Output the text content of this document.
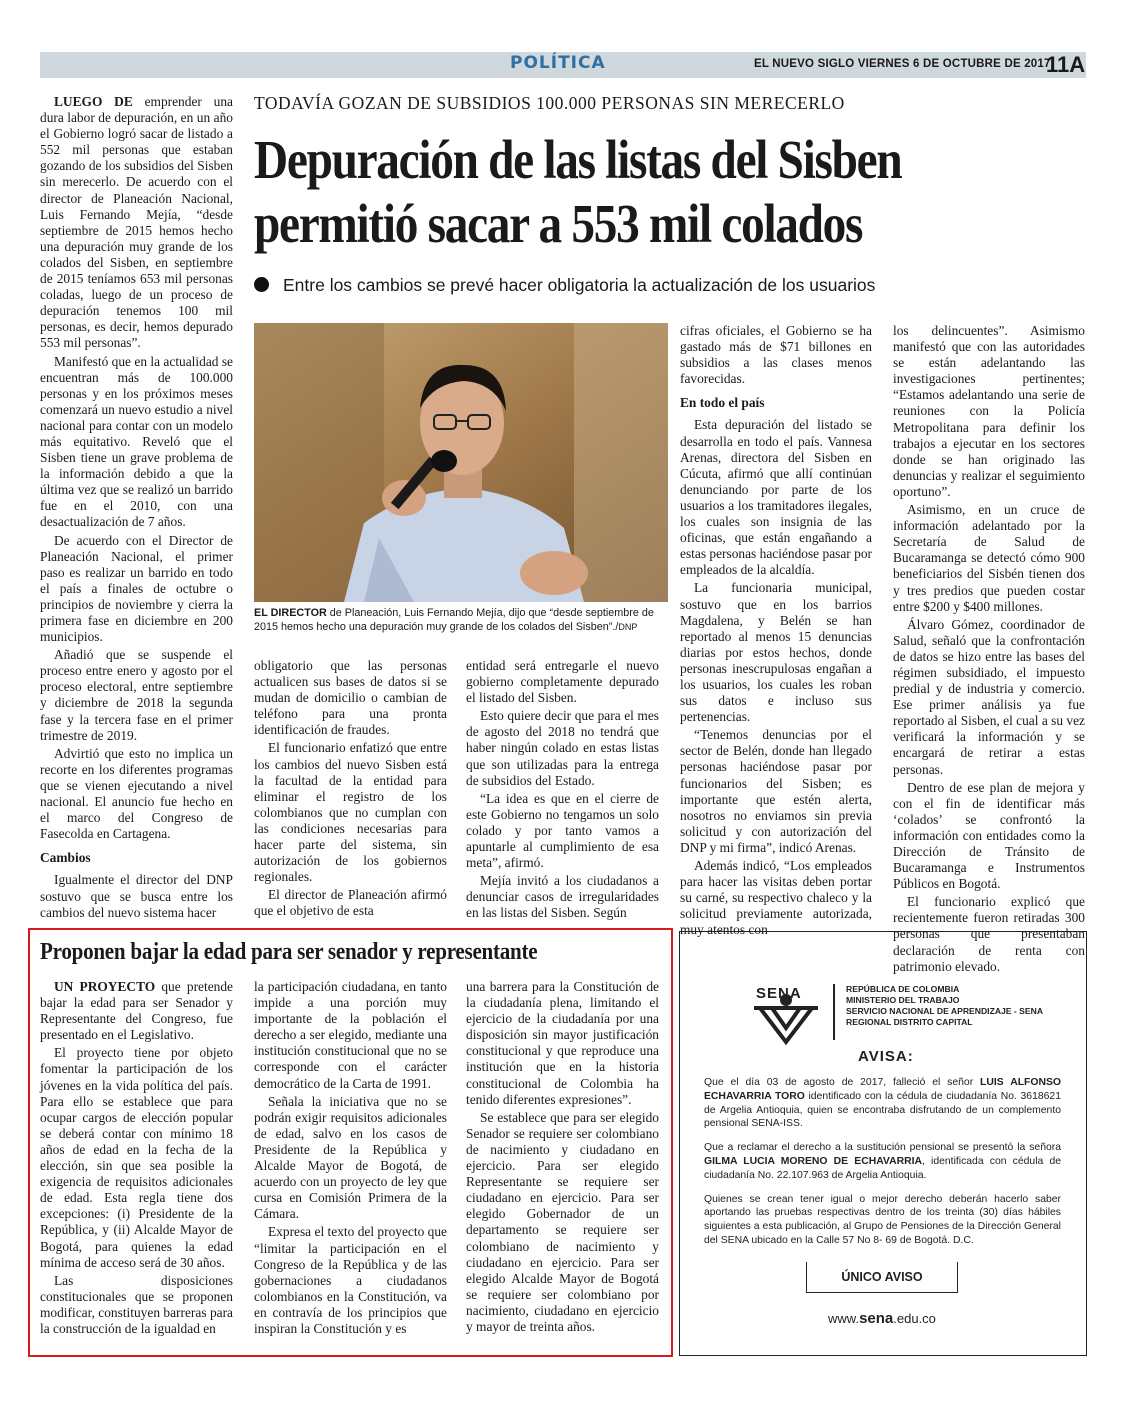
POLÍTICA	EL NUEVO SIGLO VIERNES 6 DE OCTUBRE DE 2017
11A
TODAVÍA GOZAN DE SUBSIDIOS 100.000 PERSONAS SIN MERECERLO
Depuración de las listas del Sisben
permitió sacar a 553 mil colados
Entre los cambios se prevé hacer obligatoria la actualización de los usuarios

LUEGO DE emprender una dura labor de depuración, en un año el Gobierno logró sacar de listado a 552 mil personas que estaban gozando de los subsidios del Sisben sin merecerlo. De acuerdo con el director de Planeación Nacional, Luis Fernando Mejía, “desde septiembre de 2015 hemos hecho una depuración muy grande de los colados del Sisben, en septiembre de 2015 teníamos 653 mil personas coladas, luego de un proceso de depuración tenemos 100 mil personas, es decir, hemos depurado 553 mil personas”.

Manifestó que en la actualidad se encuentran más de 100.000 personas y en los próximos meses comenzará un nuevo estudio a nivel nacional para contar con un modelo más equitativo. Reveló que el Sisben tiene un grave problema de la información debido a que la última vez que se realizó un barrido fue en el 2010, con una desactualización de 7 años.

De acuerdo con el Director de Planeación Nacional, el primer paso es realizar un barrido en todo el país a finales de octubre o principios de noviembre y cierra la primera fase en diciembre en 200 municipios.

Añadió que se suspende el proceso entre enero y agosto por el proceso electoral, entre septiembre y diciembre de 2018 la segunda fase y la tercera fase en el primer trimestre de 2019.

Advirtió que esto no implica un recorte en los diferentes programas que se vienen ejecutando a nivel nacional. El anuncio fue hecho en el marco del Congreso de Fasecolda en Cartagena.

Cambios

Igualmente el director del DNP sostuvo que se busca entre los cambios del nuevo sistema hacer

EL DIRECTOR de Planeación, Luis Fernando Mejía, dijo que “desde septiembre de 2015 hemos hecho una depuración muy grande de los colados del Sisben”./DNP

obligatorio que las personas actualicen sus bases de datos si se mudan de domicilio o cambian de teléfono para una pronta identificación de fraudes.

El funcionario enfatizó que entre los cambios del nuevo Sisben está la facultad de la entidad para eliminar el registro de los colombianos que no cumplan con las condiciones necesarias para hacer parte del sistema, sin autorización de los gobiernos regionales.

El director de Planeación afirmó que el objetivo de esta

entidad será entregarle el nuevo gobierno completamente depurado el listado del Sisben.

Esto quiere decir que para el mes de agosto del 2018 no tendrá que haber ningún colado en estas listas que son utilizadas para la entrega de subsidios del Estado.

“La idea es que en el cierre de este Gobierno no tengamos un solo colado y por tanto vamos a apuntarle al cumplimiento de esa meta”, afirmó.

Mejía invitó a los ciudadanos a denunciar casos de irregularidades en las listas del Sisben. Según

cifras oficiales, el Gobierno se ha gastado más de $71 billones en subsidios a las clases menos favorecidas.

En todo el país

Esta depuración del listado se desarrolla en todo el país. Vannesa Arenas, directora del Sisben en Cúcuta, afirmó que allí continúan denunciando por parte de los usuarios a los tramitadores ilegales, los cuales son insignia de las oficinas, que están engañando a estas personas haciéndose pasar por empleados de la alcaldía.

La funcionaria municipal, sostuvo que en los barrios Magdalena, y Belén se han reportado al menos 15 denuncias diarias por estos hechos, donde personas inescrupulosas engañan a los usuarios, los cuales les roban sus datos e incluso sus pertenencias.

“Tenemos denuncias por el sector de Belén, donde han llegado personas haciéndose pasar por funcionarios del Sisben; es importante que estén alerta, nosotros no enviamos sin previa solicitud y con autorización del DNP y mi firma”, indicó Arenas.

Además indicó, “Los empleados para hacer las visitas deben portar su carné, su respectivo chaleco y la solicitud previamente autorizada, muy atentos con

los delincuentes”. Asimismo manifestó que con las autoridades se están adelantando las investigaciones pertinentes; “Estamos adelantando una serie de reuniones con la Policía Metropolitana para definir los trabajos a ejecutar en los sectores donde se han originado las denuncias y realizar el seguimiento oportuno”.

Asimismo, en un cruce de información adelantado por la Secretaría de Salud de Bucaramanga se detectó cómo 900 beneficiarios del Sisbén tienen dos y tres predios que pueden costar entre $200 y $400 millones.

Álvaro Gómez, coordinador de Salud, señaló que la confrontación de datos se hizo entre las bases del régimen subsidiado, el impuesto predial y de industria y comercio. Ese primer análisis ya fue reportado al Sisben, el cual a su vez verificará la información y se encargará de retirar a estas personas.

Dentro de ese plan de mejora y con el fin de identificar más ‘colados’ se confrontó la información con entidades como la Dirección de Tránsito de Bucaramanga e Instrumentos Públicos en Bogotá.

El funcionario explicó que recientemente fueron retiradas 300 personas que presentaban declaración de renta con patrimonio elevado.

Proponen bajar la edad para ser senador y representante

UN PROYECTO que pretende bajar la edad para ser Senador y Representante del Congreso, fue presentado en el Legislativo.

El proyecto tiene por objeto fomentar la participación de los jóvenes en la vida política del país. Para ello se establece que para ocupar cargos de elección popular se deberá contar con mínimo 18 años de edad en la fecha de la elección, sin que sea posible la exigencia de requisitos adicionales de edad. Esta regla tiene dos excepciones: (i) Presidente de la República, y (ii) Alcalde Mayor de Bogotá, para quienes la edad mínima de acceso será de 30 años.

Las disposiciones constitucionales que se proponen modificar, constituyen barreras para la construcción de la igualdad en

la participación ciudadana, en tanto impide a una porción muy importante de la población el derecho a ser elegido, mediante una institución constitucional que no se corresponde con el carácter democrático de la Carta de 1991.

Señala la iniciativa que no se podrán exigir requisitos adicionales de edad, salvo en los casos de Presidente de la República y Alcalde Mayor de Bogotá, de acuerdo con un proyecto de ley que cursa en Comisión Primera de la Cámara.

Expresa el texto del proyecto que “limitar la participación en el Congreso de la República y de las gobernaciones a ciudadanos colombianos en la Constitución, va en contravía de los principios que inspiran la Constitución y es

una barrera para la Constitución de la ciudadanía plena, limitando el ejercicio de la ciudadanía por una disposición sin mayor justificación constitucional y que reproduce una institución que en la historia constitucional de Colombia ha tenido diferentes expresiones”.

Se establece que para ser elegido Senador se requiere ser colombiano de nacimiento y ciudadano en ejercicio. Para ser elegido Representante se requiere ser ciudadano en ejercicio. Para ser elegido Gobernador de un departamento se requiere ser colombiano de nacimiento y ciudadano en ejercicio. Para ser elegido Alcalde Mayor de Bogotá se requiere ser colombiano por nacimiento, ciudadano en ejercicio y mayor de treinta años.

SENA	REPÚBLICA DE COLOMBIA
MINISTERIO DEL TRABAJO
SERVICIO NACIONAL DE APRENDIZAJE - SENA
REGIONAL DISTRITO CAPITAL
AVISA:

Que el día 03 de agosto de 2017, falleció el señor LUIS ALFONSO ECHAVARRIA TORO identificado con la cédula de ciudadanía No. 3618621 de Argelia Antioquia, quien se encontraba disfrutando de un complemento pensional SENA-ISS.

Que a reclamar el derecho a la sustitución pensional se presentó la señora GILMA LUCIA MORENO DE ECHAVARRIA, identificada con cédula de ciudadanía No. 22.107.963 de Argelia Antioquia.

Quienes se crean tener igual o mejor derecho deberán hacerlo saber aportando las pruebas respectivas dentro de los treinta (30) días hábiles siguientes a esta publicación, al Grupo de Pensiones de la Dirección General del SENA ubicado en la Calle 57 No 8- 69 de Bogotá. D.C.

ÚNICO AVISO
www.sena.edu.co
